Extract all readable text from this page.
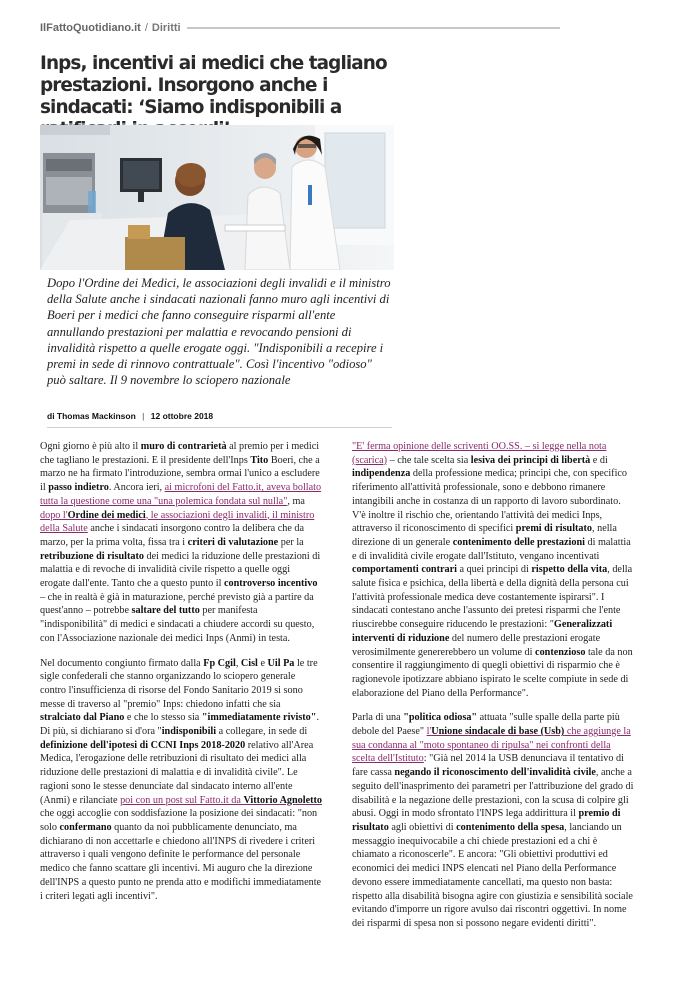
IlFattoQuotidiano.it / Diritti
Inps, incentivi ai medici che tagliano prestazioni. Insorgono anche i sindacati: ‘Siamo indisponibili a
Dopo l'Ordine dei Medici, le associazioni degli invalidi e il ministro della Salute anche i sindacati nazionali fanno muro agli incentivi di Boeri per i medici che fanno conseguire risparmi all'ente annullando prestazioni per malattia e revocando pensioni di invalidità rispetto a quelle erogate oggi. "Indisponibili a recepire i premi in sede di rinnovo contrattuale". Così l'incentivo "odioso" può saltare. Il 9 novembre lo sciopero nazionale
di Thomas Mackinson | 12 ottobre 2018

Ogni giorno è più alto il muro di contrarietà al premio per i medici che tagliano le prestazioni. E il presidente dell'Inps Tito Boeri, che a marzo ne ha firmato l'introduzione, sembra ormai l'unico a escludere il passo indietro. Ancora ieri, ai microfoni del Fatto.it, aveva bollato tutta la questione come una "una polemica fondata sul nulla", ma dopo l'Ordine dei medici, le associazioni degli invalidi, il ministro della Salute anche i sindacati insorgono contro la delibera che da marzo, per la prima volta, fissa tra i criteri di valutazione per la retribuzione di risultato dei medici la riduzione delle prestazioni di malattia e di revoche di invalidità civile rispetto a quelle oggi erogate dall'ente. Tanto che a questo punto il controverso incentivo – che in realtà è già in maturazione, perché previsto già a partire da quest'anno – potrebbe saltare del tutto per manifesta "indisponibilità" di medici e sindacati a chiudere accordi su questo, con l'Associazione nazionale dei medici Inps (Anmi) in testa.

Nel documento congiunto firmato dalla Fp Cgil, Cisl e Uil Pa le tre sigle confederali che stanno organizzando lo sciopero generale contro l'insufficienza di risorse del Fondo Sanitario 2019 si sono messe di traverso al "premio" Inps: chiedono infatti che sia stralciato dal Piano e che lo stesso sia "immediatamente rivisto". Di più, si dichiarano si d'ora "indisponibili a collegare, in sede di definizione dell'ipotesi di CCNI Inps 2018-2020 relativo all'Area Medica, l'erogazione delle retribuzioni di risultato dei medici alla riduzione delle prestazioni di malattia e di invalidità civile". Le ragioni sono le stesse denunciate dal sindacato interno all'ente (Anmi) e rilanciate poi con un post sul Fatto.it da Vittorio Agnoletto che oggi accoglie con soddisfazione la posizione dei sindacati: "non solo confermano quanto da noi pubblicamente denunciato, ma dichiarano di non accettarle e chiedono all'INPS di rivedere i criteri attraverso i quali vengono definite le performance del personale medico che fanno scattare gli incentivi. Mi auguro che la direzione dell'INPS a questo punto ne prenda atto e modifichi immediatamente i criteri legati agli incentivi".

"E' ferma opinione delle scriventi OO.SS. – si legge nella nota (scarica) – che tale scelta sia lesiva dei principi di libertà e di indipendenza della professione medica; principi che, con specifico riferimento all'attività professionale, sono e debbono rimanere intangibili anche in costanza di un rapporto di lavoro subordinato. V'è inoltre il rischio che, orientando l'attività dei medici Inps, attraverso il riconoscimento di specifici premi di risultato, nella direzione di un generale contenimento delle prestazioni di malattia e di invalidità civile erogate dall'Istituto, vengano incentivati comportamenti contrari a quei principi di rispetto della vita, della salute fisica e psichica, della libertà e della dignità della persona cui l'attività professionale medica deve costantemente ispirarsi". I sindacati contestano anche l'assunto dei pretesi risparmi che l'ente riuscirebbe conseguire riducendo le prestazioni: "Generalizzati interventi di riduzione del numero delle prestazioni erogate verosimilmente genererebbero un volume di contenzioso tale da non consentire il raggiungimento di quegli obiettivi di risparmio che è ragionevole ipotizzare abbiano ispirato le scelte compiute in sede di elaborazione del Piano della Performance".

Parla di una "politica odiosa" attuata "sulle spalle della parte più debole del Paese" l'Unione sindacale di base (Usb) che aggiunge la sua condanna al "moto spontaneo di ripulsa" nei confronti della scelta dell'Istituto: "Già nel 2014 la USB denunciava il tentativo di fare cassa negando il riconoscimento dell'invalidità civile, anche a seguito dell'inasprimento dei parametri per l'attribuzione del grado di disabilità e la negazione delle prestazioni, con la scusa di colpire gli abusi. Oggi in modo sfrontato l'INPS lega addirittura il premio di risultato agli obiettivi di contenimento della spesa, lanciando un messaggio inequivocabile a chi chiede prestazioni ed a chi è chiamato a riconoscerle". E ancora: "Gli obiettivi produttivi ed economici dei medici INPS elencati nel Piano della Performance devono essere immediatamente cancellati, ma questo non basta: rispetto alla disabilità bisogna agire con giustizia e sensibilità sociale evitando d'imporre un rigore avulso dai riscontri oggettivi. In nome dei risparmi di spesa non si possono negare evidenti diritti".
